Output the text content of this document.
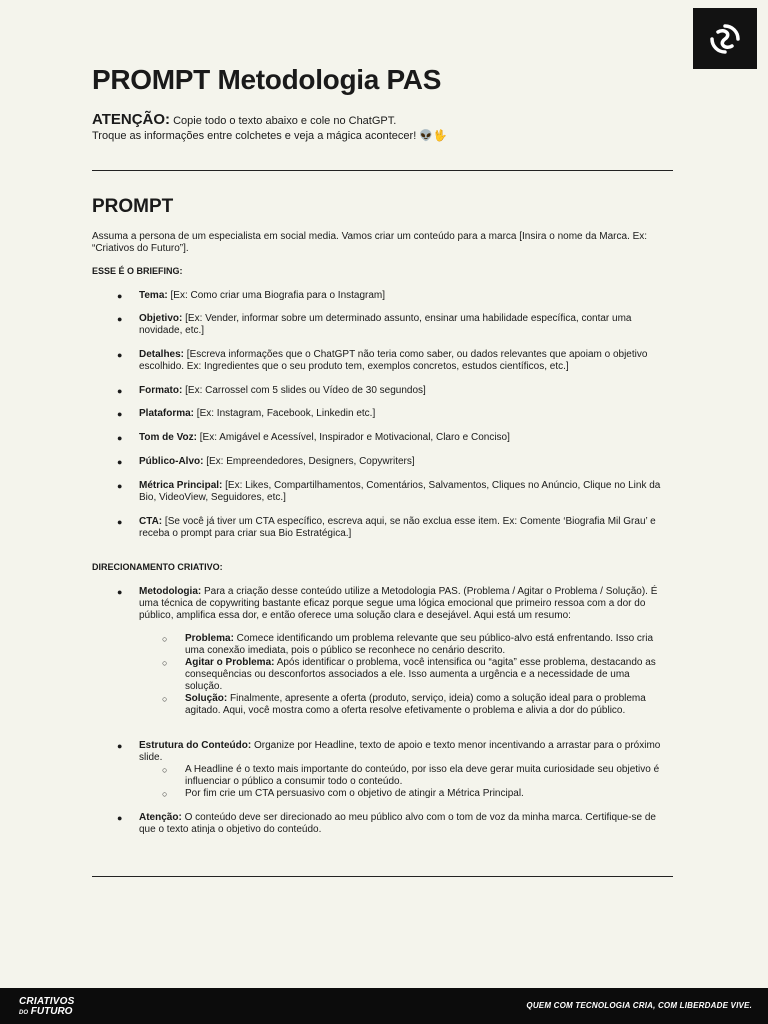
PROMPT Metodologia PAS
ATENÇÃO: Copie todo o texto abaixo e cole no ChatGPT.
Troque as informações entre colchetes e veja a mágica acontecer! 👽🖖
PROMPT
Assuma a persona de um especialista em social media. Vamos criar um conteúdo para a marca [Insira o nome da Marca. Ex: “Criativos do Futuro”].
ESSE É O BRIEFING:
● Tema: [Ex: Como criar uma Biografia para o Instagram]
● Objetivo: [Ex: Vender, informar sobre um determinado assunto, ensinar uma habilidade específica, contar uma novidade, etc.]
● Detalhes: [Escreva informações que o ChatGPT não teria como saber, ou dados relevantes que apoiam o objetivo escolhido. Ex: Ingredientes que o seu produto tem, exemplos concretos, estudos científicos, etc.]
● Formato: [Ex: Carrossel com 5 slides ou Vídeo de 30 segundos]
● Plataforma: [Ex: Instagram, Facebook, Linkedin etc.]
● Tom de Voz: [Ex: Amigável e Acessível, Inspirador e Motivacional, Claro e Conciso]
● Público-Alvo: [Ex: Empreendedores, Designers, Copywriters]
● Métrica Principal: [Ex: Likes, Compartilhamentos, Comentários, Salvamentos, Cliques no Anúncio, Clique no Link da Bio, VideoView, Seguidores, etc.]
● CTA: [Se você já tiver um CTA específico, escreva aqui, se não exclua esse item. Ex: Comente ‘Biografia Mil Grau’ e receba o prompt para criar sua Bio Estratégica.]
DIRECIONAMENTO CRIATIVO:
● Metodologia: Para a criação desse conteúdo utilize a Metodologia PAS. (Problema / Agitar o Problema / Solução). É uma técnica de copywriting bastante eficaz porque segue uma lógica emocional que primeiro ressoa com a dor do público, amplifica essa dor, e então oferece uma solução clara e desejável. Aqui está um resumo:
○ Problema: Comece identificando um problema relevante que seu público-alvo está enfrentando. Isso cria uma conexão imediata, pois o público se reconhece no cenário descrito.
○ Agitar o Problema: Após identificar o problema, você intensifica ou “agita” esse problema, destacando as consequências ou desconfortos associados a ele. Isso aumenta a urgência e a necessidade de uma solução.
○ Solução: Finalmente, apresente a oferta (produto, serviço, ideia) como a solução ideal para o problema agitado. Aqui, você mostra como a oferta resolve efetivamente o problema e alivia a dor do público.
● Estrutura do Conteúdo: Organize por Headline, texto de apoio e texto menor incentivando a arrastar para o próximo slide.
○ A Headline é o texto mais importante do conteúdo, por isso ela deve gerar muita curiosidade seu objetivo é influenciar o público a consumir todo o conteúdo.
○ Por fim crie um CTA persuasivo com o objetivo de atingir a Métrica Principal.
● Atenção: O conteúdo deve ser direcionado ao meu público alvo com o tom de voz da minha marca. Certifique-se de que o texto atinja o objetivo do conteúdo.
CRIATIVOS
DO FUTURO
QUEM COM TECNOLOGIA CRIA, COM LIBERDADE VIVE.
